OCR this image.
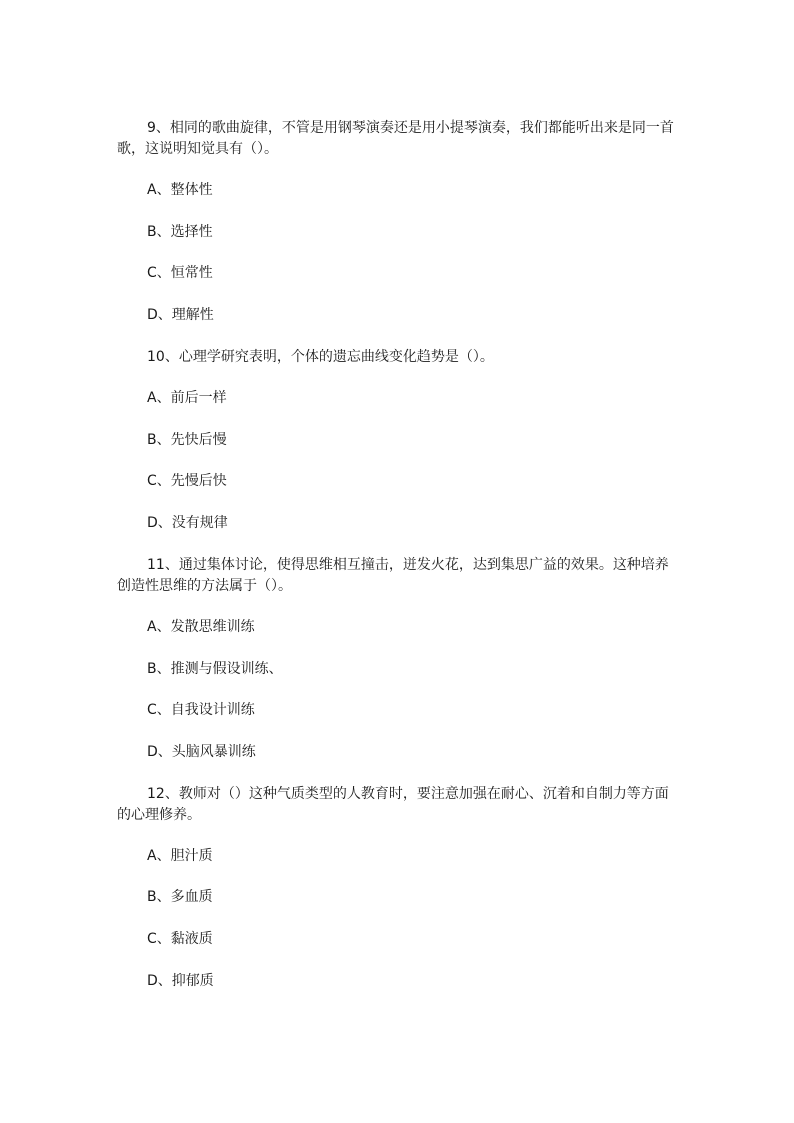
9、相同的歌曲旋律，不管是用钢琴演奏还是用小提琴演奏，我们都能听出来是同一首歌，这说明知觉具有（）。
A、整体性
B、选择性
C、恒常性
D、理解性
10、心理学研究表明，个体的遗忘曲线变化趋势是（）。
A、前后一样
B、先快后慢
C、先慢后快
D、没有规律
11、通过集体讨论，使得思维相互撞击，迸发火花，达到集思广益的效果。这种培养创造性思维的方法属于（）。
A、发散思维训练
B、推测与假设训练、
C、自我设计训练
D、头脑风暴训练
12、教师对（）这种气质类型的人教育时，要注意加强在耐心、沉着和自制力等方面的心理修养。
A、胆汁质
B、多血质
C、黏液质
D、抑郁质
